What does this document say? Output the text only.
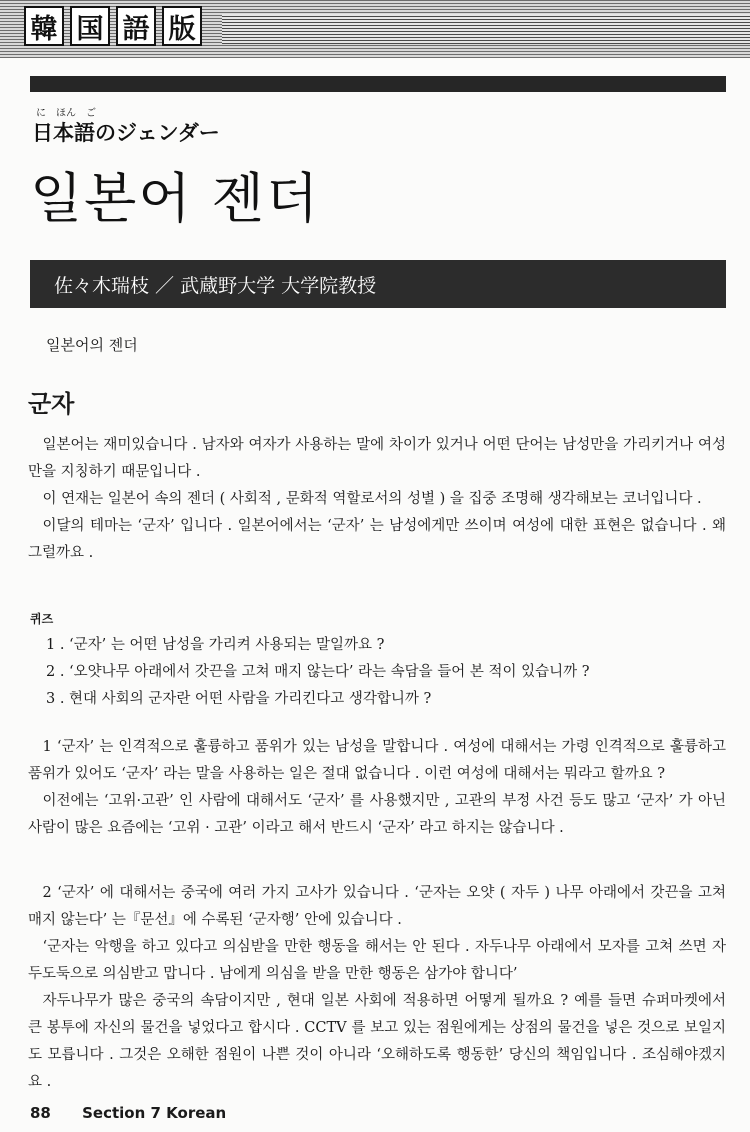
韓 国 語 版
に ほん ご
日本語のジェンダー
일본어 젠더
佐々木瑞枝 ／ 武蔵野大学 大学院教授
일본어의 젠더
군자

일본어는 재미있습니다 . 남자와 여자가 사용하는 말에 차이가 있거나 어떤 단어는 남성만을 가리키거나 여성만을 지칭하기 때문입니다 .

이 연재는 일본어 속의 젠더 ( 사회적 , 문화적 역할로서의 성별 ) 을 집중 조명해 생각해보는 코너입니다 .

이달의 테마는 ‘군자’ 입니다 . 일본어에서는 ‘군자’ 는 남성에게만 쓰이며 여성에 대한 표현은 없습니다 . 왜 그럴까요 .

퀴즈
1 . ‘군자’ 는 어떤 남성을 가리켜 사용되는 말일까요 ?
2 . ‘오얏나무 아래에서 갓끈을 고쳐 매지 않는다’ 라는 속담을 들어 본 적이 있습니까 ?
3 . 현대 사회의 군자란 어떤 사람을 가리킨다고 생각합니까 ?

1 ‘군자’ 는 인격적으로 훌륭하고 품위가 있는 남성을 말합니다 . 여성에 대해서는 가령 인격적으로 훌륭하고 품위가 있어도 ‘군자’ 라는 말을 사용하는 일은 절대 없습니다 . 이런 여성에 대해서는 뭐라고 할까요 ?

이전에는 ‘고위·고관’ 인 사람에 대해서도 ‘군자’ 를 사용했지만 , 고관의 부정 사건 등도 많고 ‘군자’ 가 아닌 사람이 많은 요즘에는 ‘고위 · 고관’ 이라고 해서 반드시 ‘군자’ 라고 하지는 않습니다 .

2 ‘군자’ 에 대해서는 중국에 여러 가지 고사가 있습니다 . ‘군자는 오얏 ( 자두 ) 나무 아래에서 갓끈을 고쳐 매지 않는다’ 는『문선』에 수록된 ‘군자행’ 안에 있습니다 .

‘군자는 악행을 하고 있다고 의심받을 만한 행동을 해서는 안 된다 . 자두나무 아래에서 모자를 고쳐 쓰면 자두도둑으로 의심받고 맙니다 . 남에게 의심을 받을 만한 행동은 삼가야 합니다’

자두나무가 많은 중국의 속담이지만 , 현대 일본 사회에 적용하면 어떻게 될까요 ? 예를 들면 슈퍼마켓에서 큰 봉투에 자신의 물건을 넣었다고 합시다 . CCTV 를 보고 있는 점원에게는 상점의 물건을 넣은 것으로 보일지도 모릅니다 . 그것은 오해한 점원이 나쁜 것이 아니라 ‘오해하도록 행동한’ 당신의 책임입니다 . 조심해야겠지요 .

88 Section 7 Korean
